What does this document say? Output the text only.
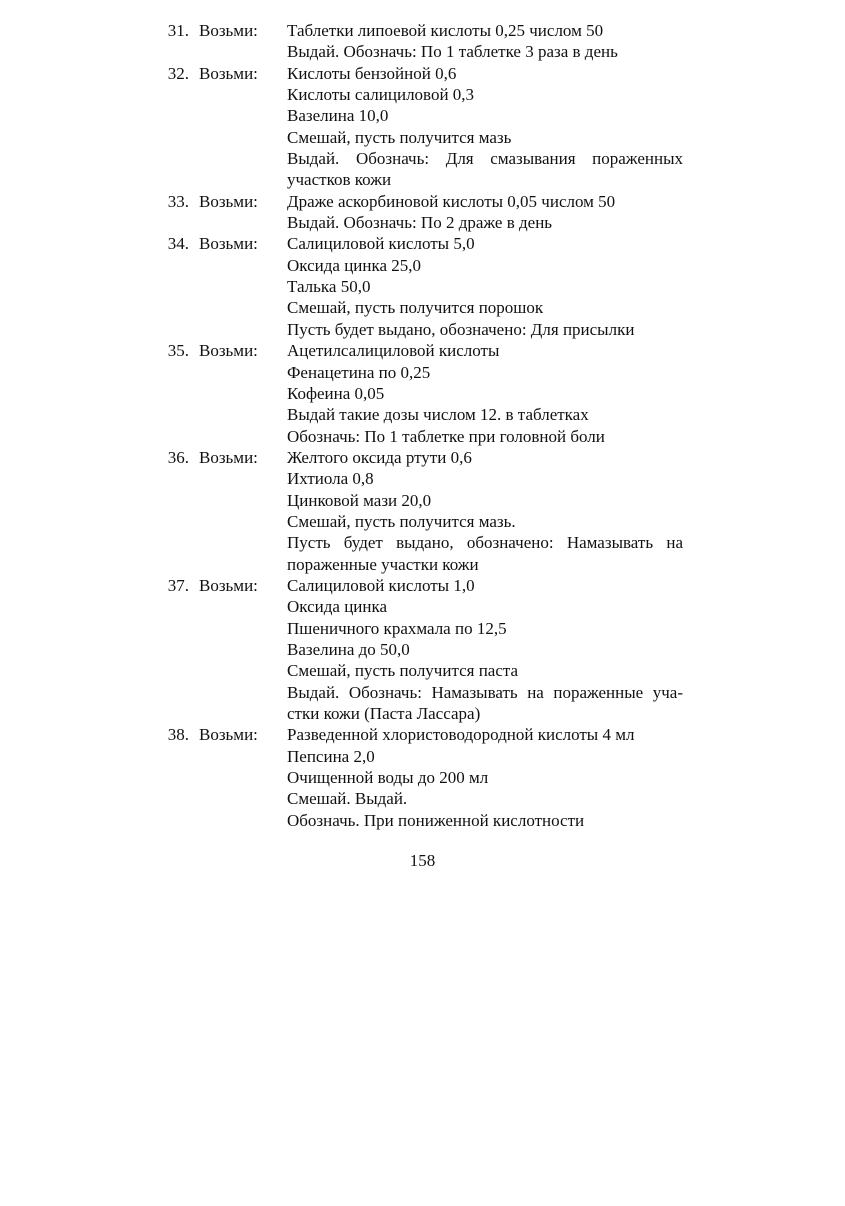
31. Возьми: Таблетки липоевой кислоты 0,25 числом 50
Выдай. Обозначь: По 1 таблетке 3 раза в день
32. Возьми: Кислоты бензойной 0,6
Кислоты салициловой 0,3
Вазелина 10,0
Смешай, пусть получится мазь
Выдай. Обозначь: Для смазывания пораженных
участков кожи
33. Возьми: Драже аскорбиновой кислоты 0,05 числом 50
Выдай. Обозначь: По 2 драже в день
34. Возьми: Салициловой кислоты 5,0
Оксида цинка 25,0
Талька 50,0
Смешай, пусть получится порошок
Пусть будет выдано, обозначено: Для присылки
35. Возьми: Ацетилсалициловой кислоты
Фенацетина по 0,25
Кофеина 0,05
Выдай такие дозы числом 12. в таблетках
Обозначь: По 1 таблетке при головной боли
36. Возьми: Желтого оксида ртути 0,6
Ихтиола 0,8
Цинковой мази 20,0
Смешай, пусть получится мазь.
Пусть будет выдано, обозначено: Намазывать на
пораженные участки кожи
37. Возьми: Салициловой кислоты 1,0
Оксида цинка
Пшеничного крахмала по 12,5
Вазелина до 50,0
Смешай, пусть получится паста
Выдай. Обозначь: Намазывать на пораженные уча-
стки кожи (Паста Лассара)
38. Возьми: Разведенной хлористоводородной кислоты 4 мл
Пепсина 2,0
Очищенной воды до 200 мл
Смешай. Выдай.
Обозначь. При пониженной кислотности
158
